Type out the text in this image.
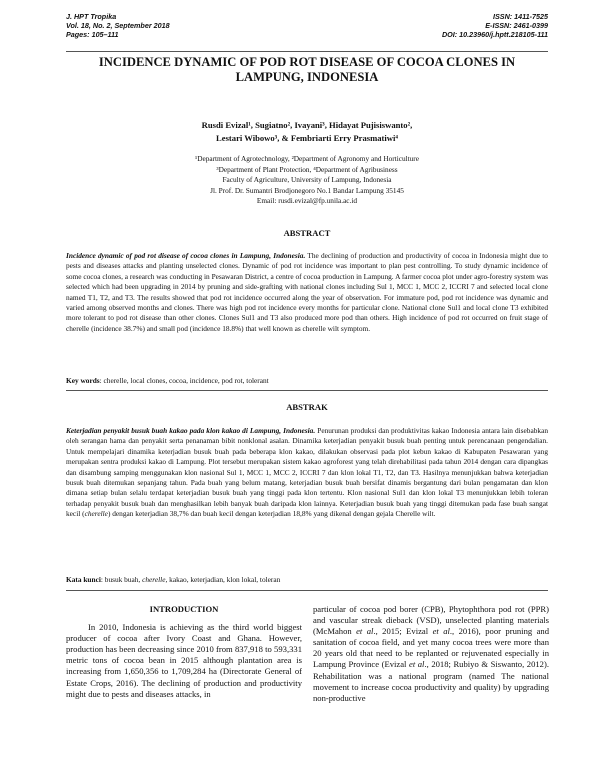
J. HPT Tropika
Vol. 18, No. 2, September 2018
Pages: 105–111
ISSN: 1411-7525
E-ISSN: 2461-0399
DOI: 10.23960/j.hptt.218105-111
INCIDENCE DYNAMIC OF POD ROT DISEASE OF COCOA CLONES IN LAMPUNG, INDONESIA
Rusdi Evizal¹, Sugiatno², Ivayani³, Hidayat Pujisiswanto²,
Lestari Wibowo³, & Fembriarti Erry Prasmatiwi⁴
¹Department of Agrotechnology, ²Department of Agronomy and Horticulture
³Department of Plant Protection, ⁴Department of Agribusiness
Faculty of Agriculture, University of Lampung, Indonesia
Jl. Prof. Dr. Sumantri Brodjonegoro No.1 Bandar Lampung 35145
Email: rusdi.evizal@fp.unila.ac.id
ABSTRACT
Incidence dynamic of pod rot disease of cocoa clones in Lampung, Indonesia. The declining of production and productivity of cocoa in Indonesia might due to pests and diseases attacks and planting unselected clones. Dynamic of pod rot incidence was important to plan pest controlling. To study dynamic incidence of some cocoa clones, a research was conducting in Pesawaran District, a centre of cocoa production in Lampung. A farmer cocoa plot under agro-forestry system was selected which had been upgrading in 2014 by pruning and side-grafting with national clones including Sul 1, MCC 1, MCC 2, ICCRI 7 and selected local clone named T1, T2, and T3. The results showed that pod rot incidence occurred along the year of observation. For immature pod, pod rot incidence was dynamic and varied among observed months and clones. There was high pod rot incidence every months for particular clone. National clone Sul1 and local clone T3 exhibited more tolerant to pod rot disease than other clones. Clones Sul1 and T3 also produced more pod than others. High incidence of pod rot occurred on fruit stage of cherelle (incidence 38.7%) and small pod (incidence 18.8%) that well known as cherelle wilt symptom.
Key words: cherelle, local clones, cocoa, incidence, pod rot, tolerant
ABSTRAK
Keterjadian penyakit busuk buah kakao pada klon kakao di Lampung, Indonesia. Penurunan produksi dan produktivitas kakao Indonesia antara lain disebabkan oleh serangan hama dan penyakit serta penanaman bibit nonklonal asalan. Dinamika keterjadian penyakit busuk buah penting untuk perencanaan pengendalian. Untuk mempelajari dinamika keterjadian busuk buah pada beberapa klon kakao, dilakukan observasi pada plot kebun kakao di Kabupaten Pesawaran yang merupakan sentra produksi kakao di Lampung. Plot tersebut merupakan sistem kakao agroforest yang telah direhabilitasi pada tahun 2014 dengan cara dipangkas dan disambung samping menggunakan klon nasional Sul 1, MCC 1, MCC 2, ICCRI 7 dan klon lokal T1, T2, dan T3. Hasilnya menunjukkan bahwa keterjadian busuk buah ditemukan sepanjang tahun. Pada buah yang belum matang, keterjadian busuk buah bersifat dinamis bergantung dari bulan pengamatan dan klon dimana setiap bulan selalu terdapat keterjadian busuk buah yang tinggi pada klon tertentu. Klon nasional Sul1 dan klon lokal T3 menunjukkan lebih toleran terhadap penyakit busuk buah dan menghasilkan lebih banyak buah daripada klon lainnya. Keterjadian busuk buah yang tinggi ditemukan pada fase buah sangat kecil (cherelle) dengan keterjadian 38,7% dan buah kecil dengan keterjadian 18,8% yang dikenal dengan gejala Cherelle wilt.
Kata kunci: busuk buah, cherelle, kakao, keterjadian, klon lokal, toleran
INTRODUCTION
In 2010, Indonesia is achieving as the third world biggest producer of cocoa after Ivory Coast and Ghana. However, production has been decreasing since 2010 from 837,918 to 593,331 metric tons of cocoa bean in 2015 although plantation area is increasing from 1,650,356 to 1,709,284 ha (Directorate General of Estate Crops, 2016). The declining of production and productivity might due to pests and diseases attacks, in
particular of cocoa pod borer (CPB), Phytophthora pod rot (PPR) and vascular streak dieback (VSD), unselected planting materials (McMahon et al., 2015; Evizal et al., 2016), poor pruning and sanitation of cocoa field, and yet many cocoa trees were more than 20 years old that need to be replanted or rejuvenated especially in Lampung Province (Evizal et al., 2018; Rubiyo & Siswanto, 2012). Rehabilitation was a national program (named The national movement to increase cocoa productivity and quality) by upgrading non-productive
